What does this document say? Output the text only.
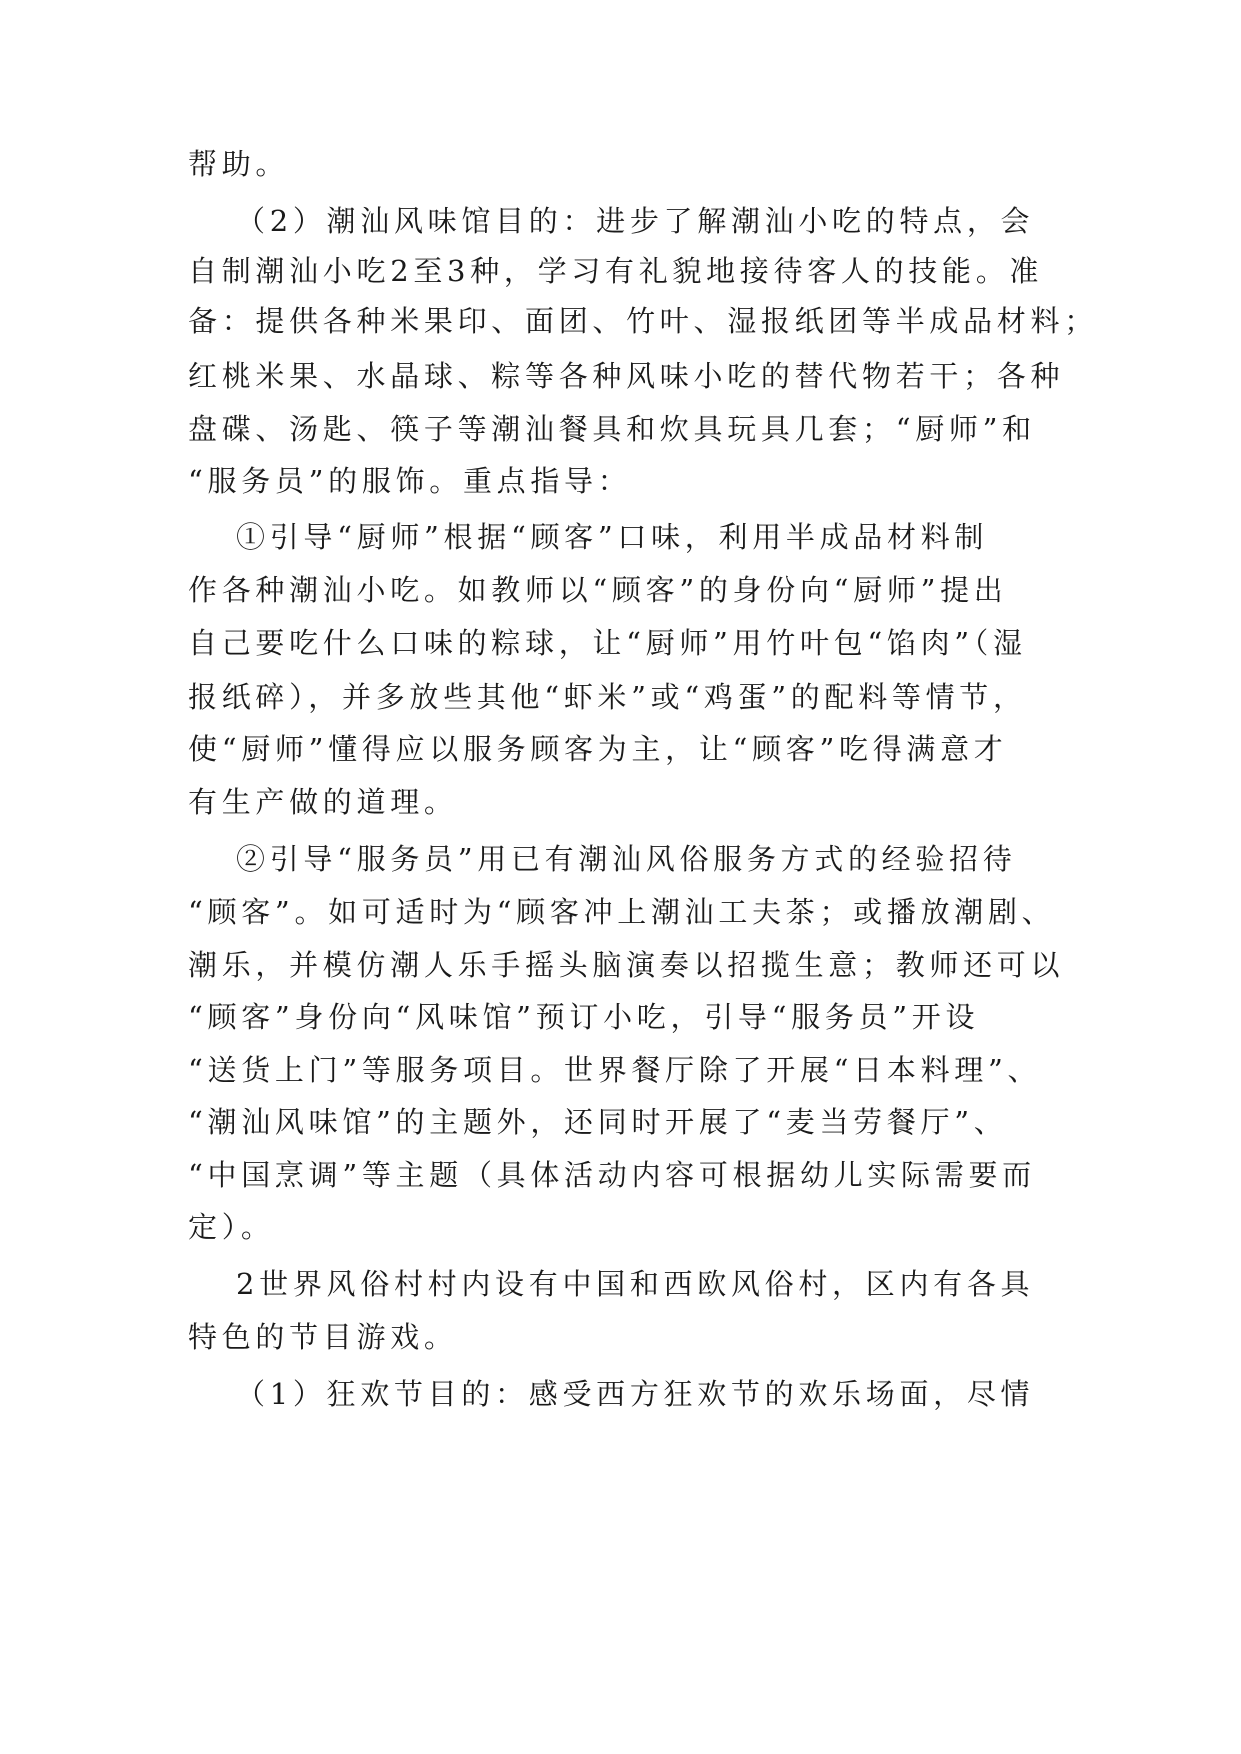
帮助。
（2）潮汕风味馆目的：进步了解潮汕小吃的特点，会
自制潮汕小吃2至3种，学习有礼貌地接待客人的技能。准
备：提供各种米果印、面团、竹叶、湿报纸团等半成品材料；
红桃米果、水晶球、粽等各种风味小吃的替代物若干；各种
盘碟、汤匙、筷子等潮汕餐具和炊具玩具几套；“厨师”和
“服务员”的服饰。重点指导：
①引导“厨师”根据“顾客”口味，利用半成品材料制
作各种潮汕小吃。如教师以“顾客”的身份向“厨师”提出
自己要吃什么口味的粽球，让“厨师”用竹叶包“馅肉”（湿
报纸碎），并多放些其他“虾米”或“鸡蛋”的配料等情节，
使“厨师”懂得应以服务顾客为主，让“顾客”吃得满意才
有生产做的道理。
②引导“服务员”用已有潮汕风俗服务方式的经验招待
“顾客”。如可适时为“顾客冲上潮汕工夫茶；或播放潮剧、
潮乐，并模仿潮人乐手摇头脑演奏以招揽生意；教师还可以
“顾客”身份向“风味馆”预订小吃，引导“服务员”开设
“送货上门”等服务项目。世界餐厅除了开展“日本料理”、
“潮汕风味馆”的主题外，还同时开展了“麦当劳餐厅”、
“中国烹调”等主题（具体活动内容可根据幼儿实际需要而
定）。
2世界风俗村村内设有中国和西欧风俗村，区内有各具
特色的节目游戏。
（1）狂欢节目的：感受西方狂欢节的欢乐场面，尽情
